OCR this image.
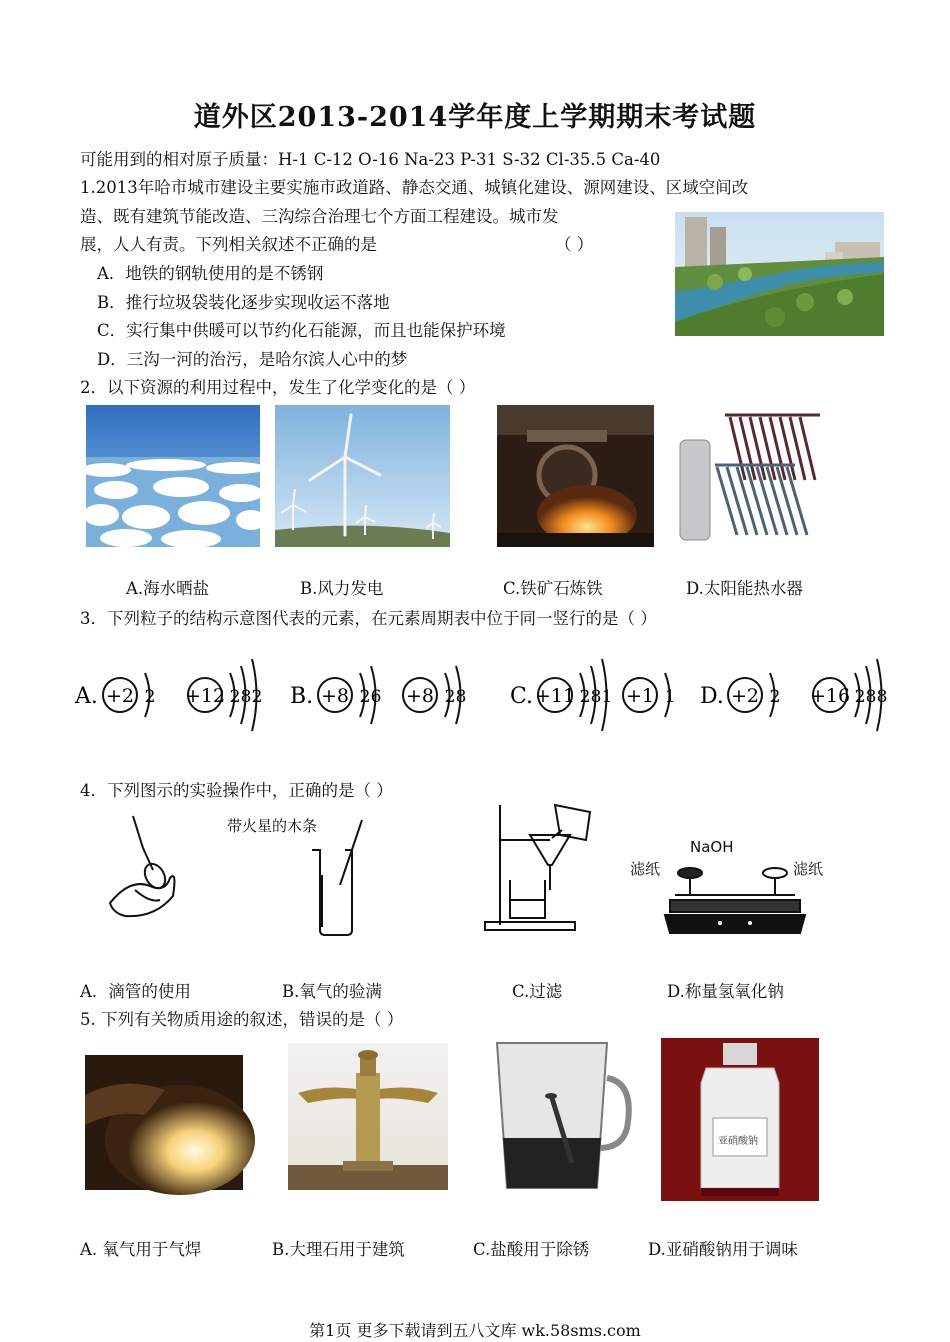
道外区2013-2014学年度上学期期末考试题
可能用到的相对原子质量：H-1 C-12 O-16 Na-23 P-31 S-32 Cl-35.5 Ca-40
1.2013年哈市城市建设主要实施市政道路、静态交通、城镇化建设、源网建设、区域空间改
造、既有建筑节能改造、三沟综合治理七个方面工程建设。城市发
展，人人有责。下列相关叙述不正确的是	（ ）
A．地铁的钢轨使用的是不锈钢
B．推行垃圾袋装化逐步实现收运不落地
C．实行集中供暖可以节约化石能源，而且也能保护环境
D．三沟一河的治污，是哈尔滨人心中的梦
2．以下资源的利用过程中，发生了化学变化的是（ ）
A.海水晒盐	B.风力发电	C.铁矿石炼铁	D.太阳能热水器
3．下列粒子的结构示意图代表的元素，在元素周期表中位于同一竖行的是（ ）
A. +2 2 +12 2 8 2 B. +8 2 6 +8 2 8 C. +11 2 8 1 +1 1 D. +2 2 +16 2 8 8
4．下列图示的实验操作中，正确的是（ ）
带火星的木条
滤纸
NaOH
滤纸
A．滴管的使用	B.氧气的验满	C.过滤	D.称量氢氧化钠
5. 下列有关物质用途的叙述，错误的是（ ）
亚硝酸钠
A. 氧气用于气焊	B.大理石用于建筑	C.盐酸用于除锈	D.亚硝酸钠用于调味
第1页 更多下载请到五八文库 wk.58sms.com
